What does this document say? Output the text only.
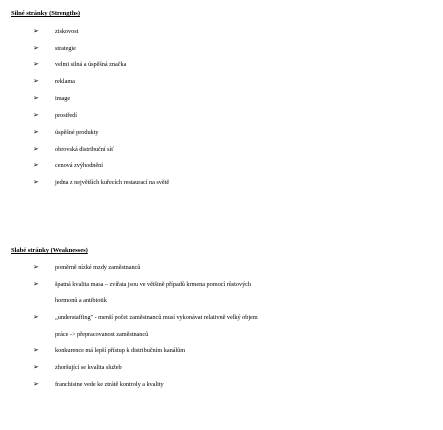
Silné stránky (Strengths)
➢	ziskovost
➢	strategie
➢	velmi silná a úspěšná značka
➢	reklama
➢	image
➢	prostředí
➢	úspěšné produkty
➢	obrovská distribuční síť
➢	cenová zvýhodnění
➢	jedna z největších kuřecích restaurací na světě
Slabé stránky (Weaknesses)
➢	poměrně nízké mzdy zaměstnanců
➢	špatná kvalita masa – zvířata jsou ve většině případů krmena pomocí růstových
hormonů a antibiotik
➢	„understaffing" - menší počet zaměstnanců musí vykonávat relativně velký objem
práce -> přepracovanost zaměstnanců
➢	konkurence má lepší přístup k distribučním kanálům
➢	zhoršující se kvalita služeb
➢	franchisine vede ke ztrátě kontroly a kvality
